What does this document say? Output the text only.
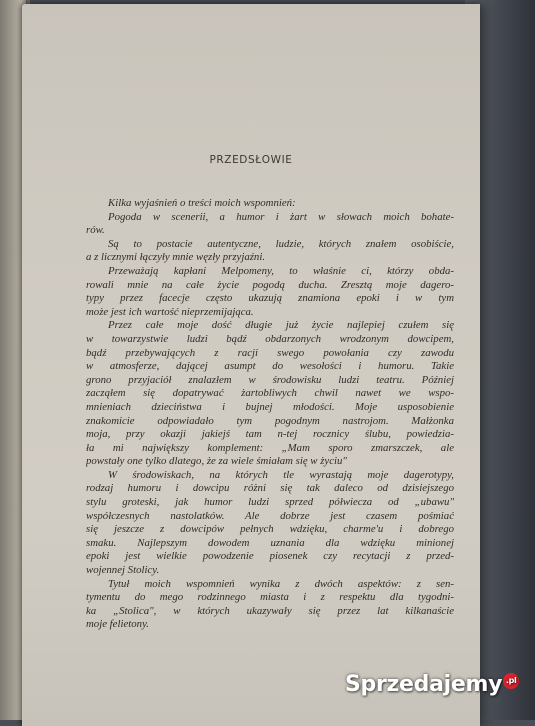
PRZEDSŁOWIE
Kilka wyjaśnień o treści moich wspomnień:
Pogoda w scenerii, a humor i żart w słowach moich bohate-
rów.
Są to postacie autentyczne, ludzie, których znałem osobiście,
a z licznymi łączyły mnie węzły przyjaźni.
Przeważają kapłani Melpomeny, to właśnie ci, którzy obda-
rowali mnie na całe życie pogodą ducha. Zresztą moje dagero-
typy przez facecje często ukazują znamiona epoki i w tym
może jest ich wartość nieprzemijająca.
Przez całe moje dość długie już życie najlepiej czułem się
w towarzystwie ludzi bądź obdarzonych wrodzonym dowcipem,
bądź przebywających z racji swego powołania czy zawodu
w atmosferze, dającej asumpt do wesołości i humoru. Takie
grono przyjaciół znalazłem w środowisku ludzi teatru. Później
zacząłem się dopatrywać żartobliwych chwil nawet we wspo-
mnieniach dzieciństwa i bujnej młodości. Moje usposobienie
znakomicie odpowiadało tym pogodnym nastrojom. Małżonka
moja, przy okazji jakiejś tam n-tej rocznicy ślubu, powiedzia-
ła mi największy komplement: „Mam sporo zmarszczek, ale
powstały one tylko dlatego, że za wiele śmiałam się w życiu"
W środowiskach, na których tle wyrastają moje dagerotypy,
rodzaj humoru i dowcipu różni się tak daleco od dzisiejszego
stylu groteski, jak humor ludzi sprzed półwiecza od „ubawu"
współczesnych nastolatków. Ale dobrze jest czasem pośmiać
się jeszcze z dowcipów pełnych wdzięku, charme'u i dobrego
smaku. Najlepszym dowodem uznania dla wdzięku minionej
epoki jest wielkie powodzenie piosenek czy recytacji z przed-
wojennej Stolicy.
Tytuł moich wspomnień wynika z dwóch aspektów: z sen-
tymentu do mego rodzinnego miasta i z respektu dla tygodni-
ka „Stolica", w których ukazywały się przez lat kilkanaście
moje felietony.
Sprzedajemy .pl
